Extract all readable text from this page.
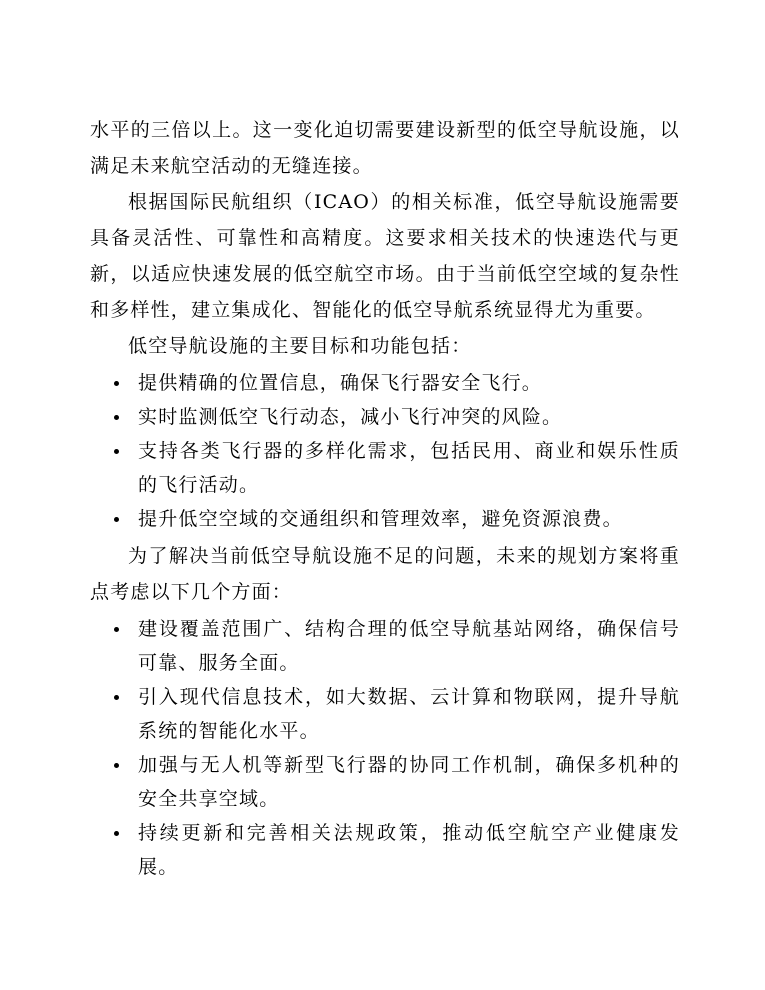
水平的三倍以上。这一变化迫切需要建设新型的低空导航设施，以满足未来航空活动的无缝连接。

根据国际民航组织（ICAO）的相关标准，低空导航设施需要具备灵活性、可靠性和高精度。这要求相关技术的快速迭代与更新，以适应快速发展的低空航空市场。由于当前低空空域的复杂性和多样性，建立集成化、智能化的低空导航系统显得尤为重要。

低空导航设施的主要目标和功能包括：

提供精确的位置信息，确保飞行器安全飞行。
实时监测低空飞行动态，减小飞行冲突的风险。
支持各类飞行器的多样化需求，包括民用、商业和娱乐性质的飞行活动。
提升低空空域的交通组织和管理效率，避免资源浪费。

为了解决当前低空导航设施不足的问题，未来的规划方案将重点考虑以下几个方面：

建设覆盖范围广、结构合理的低空导航基站网络，确保信号可靠、服务全面。
引入现代信息技术，如大数据、云计算和物联网，提升导航系统的智能化水平。
加强与无人机等新型飞行器的协同工作机制，确保多机种的安全共享空域。
持续更新和完善相关法规政策，推动低空航空产业健康发展。
